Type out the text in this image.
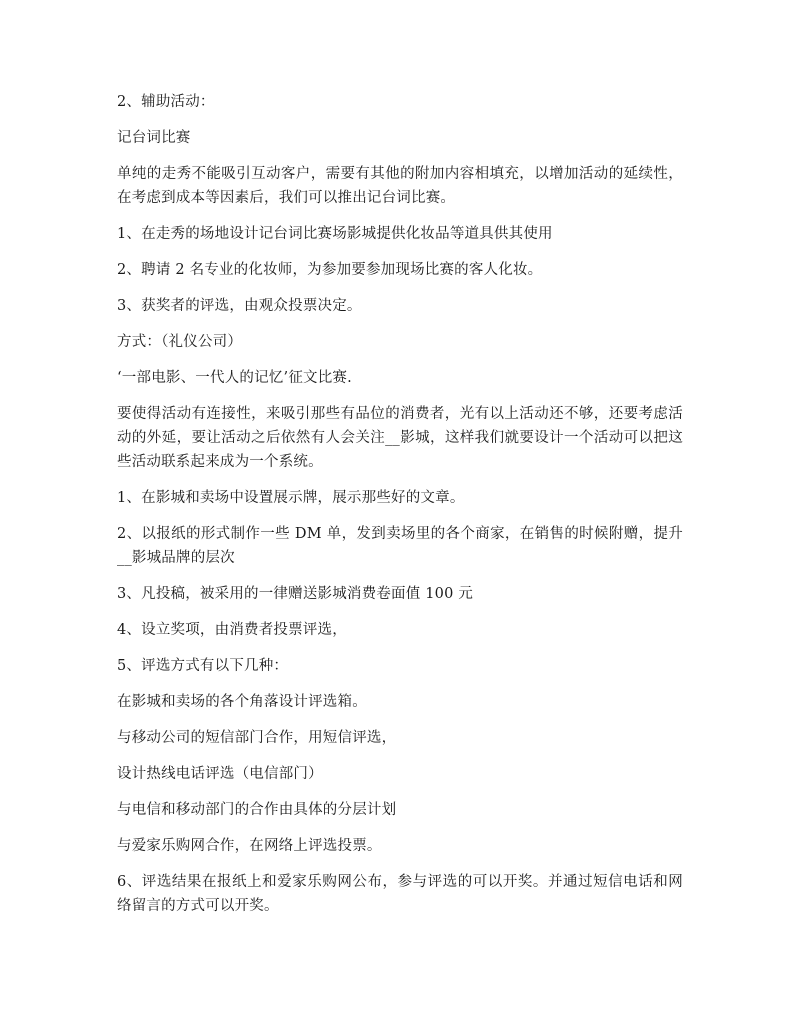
2、辅助活动：

记台词比赛

单纯的走秀不能吸引互动客户，需要有其他的附加内容相填充，以增加活动的延续性，在考虑到成本等因素后，我们可以推出记台词比赛。

1、在走秀的场地设计记台词比赛场影城提供化妆品等道具供其使用

2、聘请 2 名专业的化妆师，为参加要参加现场比赛的客人化妆。

3、获奖者的评选，由观众投票决定。

方式：（礼仪公司）

‘一部电影、一代人的记忆’征文比赛.

要使得活动有连接性，来吸引那些有品位的消费者，光有以上活动还不够，还要考虑活动的外延，要让活动之后依然有人会关注__影城，这样我们就要设计一个活动可以把这些活动联系起来成为一个系统。

1、在影城和卖场中设置展示牌，展示那些好的文章。

2、以报纸的形式制作一些 DM 单，发到卖场里的各个商家，在销售的时候附赠，提升__影城品牌的层次

3、凡投稿，被采用的一律赠送影城消费卷面值 100 元

4、设立奖项，由消费者投票评选，

5、评选方式有以下几种：

在影城和卖场的各个角落设计评选箱。

与移动公司的短信部门合作，用短信评选，

设计热线电话评选（电信部门）

与电信和移动部门的合作由具体的分层计划

与爱家乐购网合作，在网络上评选投票。

6、评选结果在报纸上和爱家乐购网公布，参与评选的可以开奖。并通过短信电话和网络留言的方式可以开奖。
